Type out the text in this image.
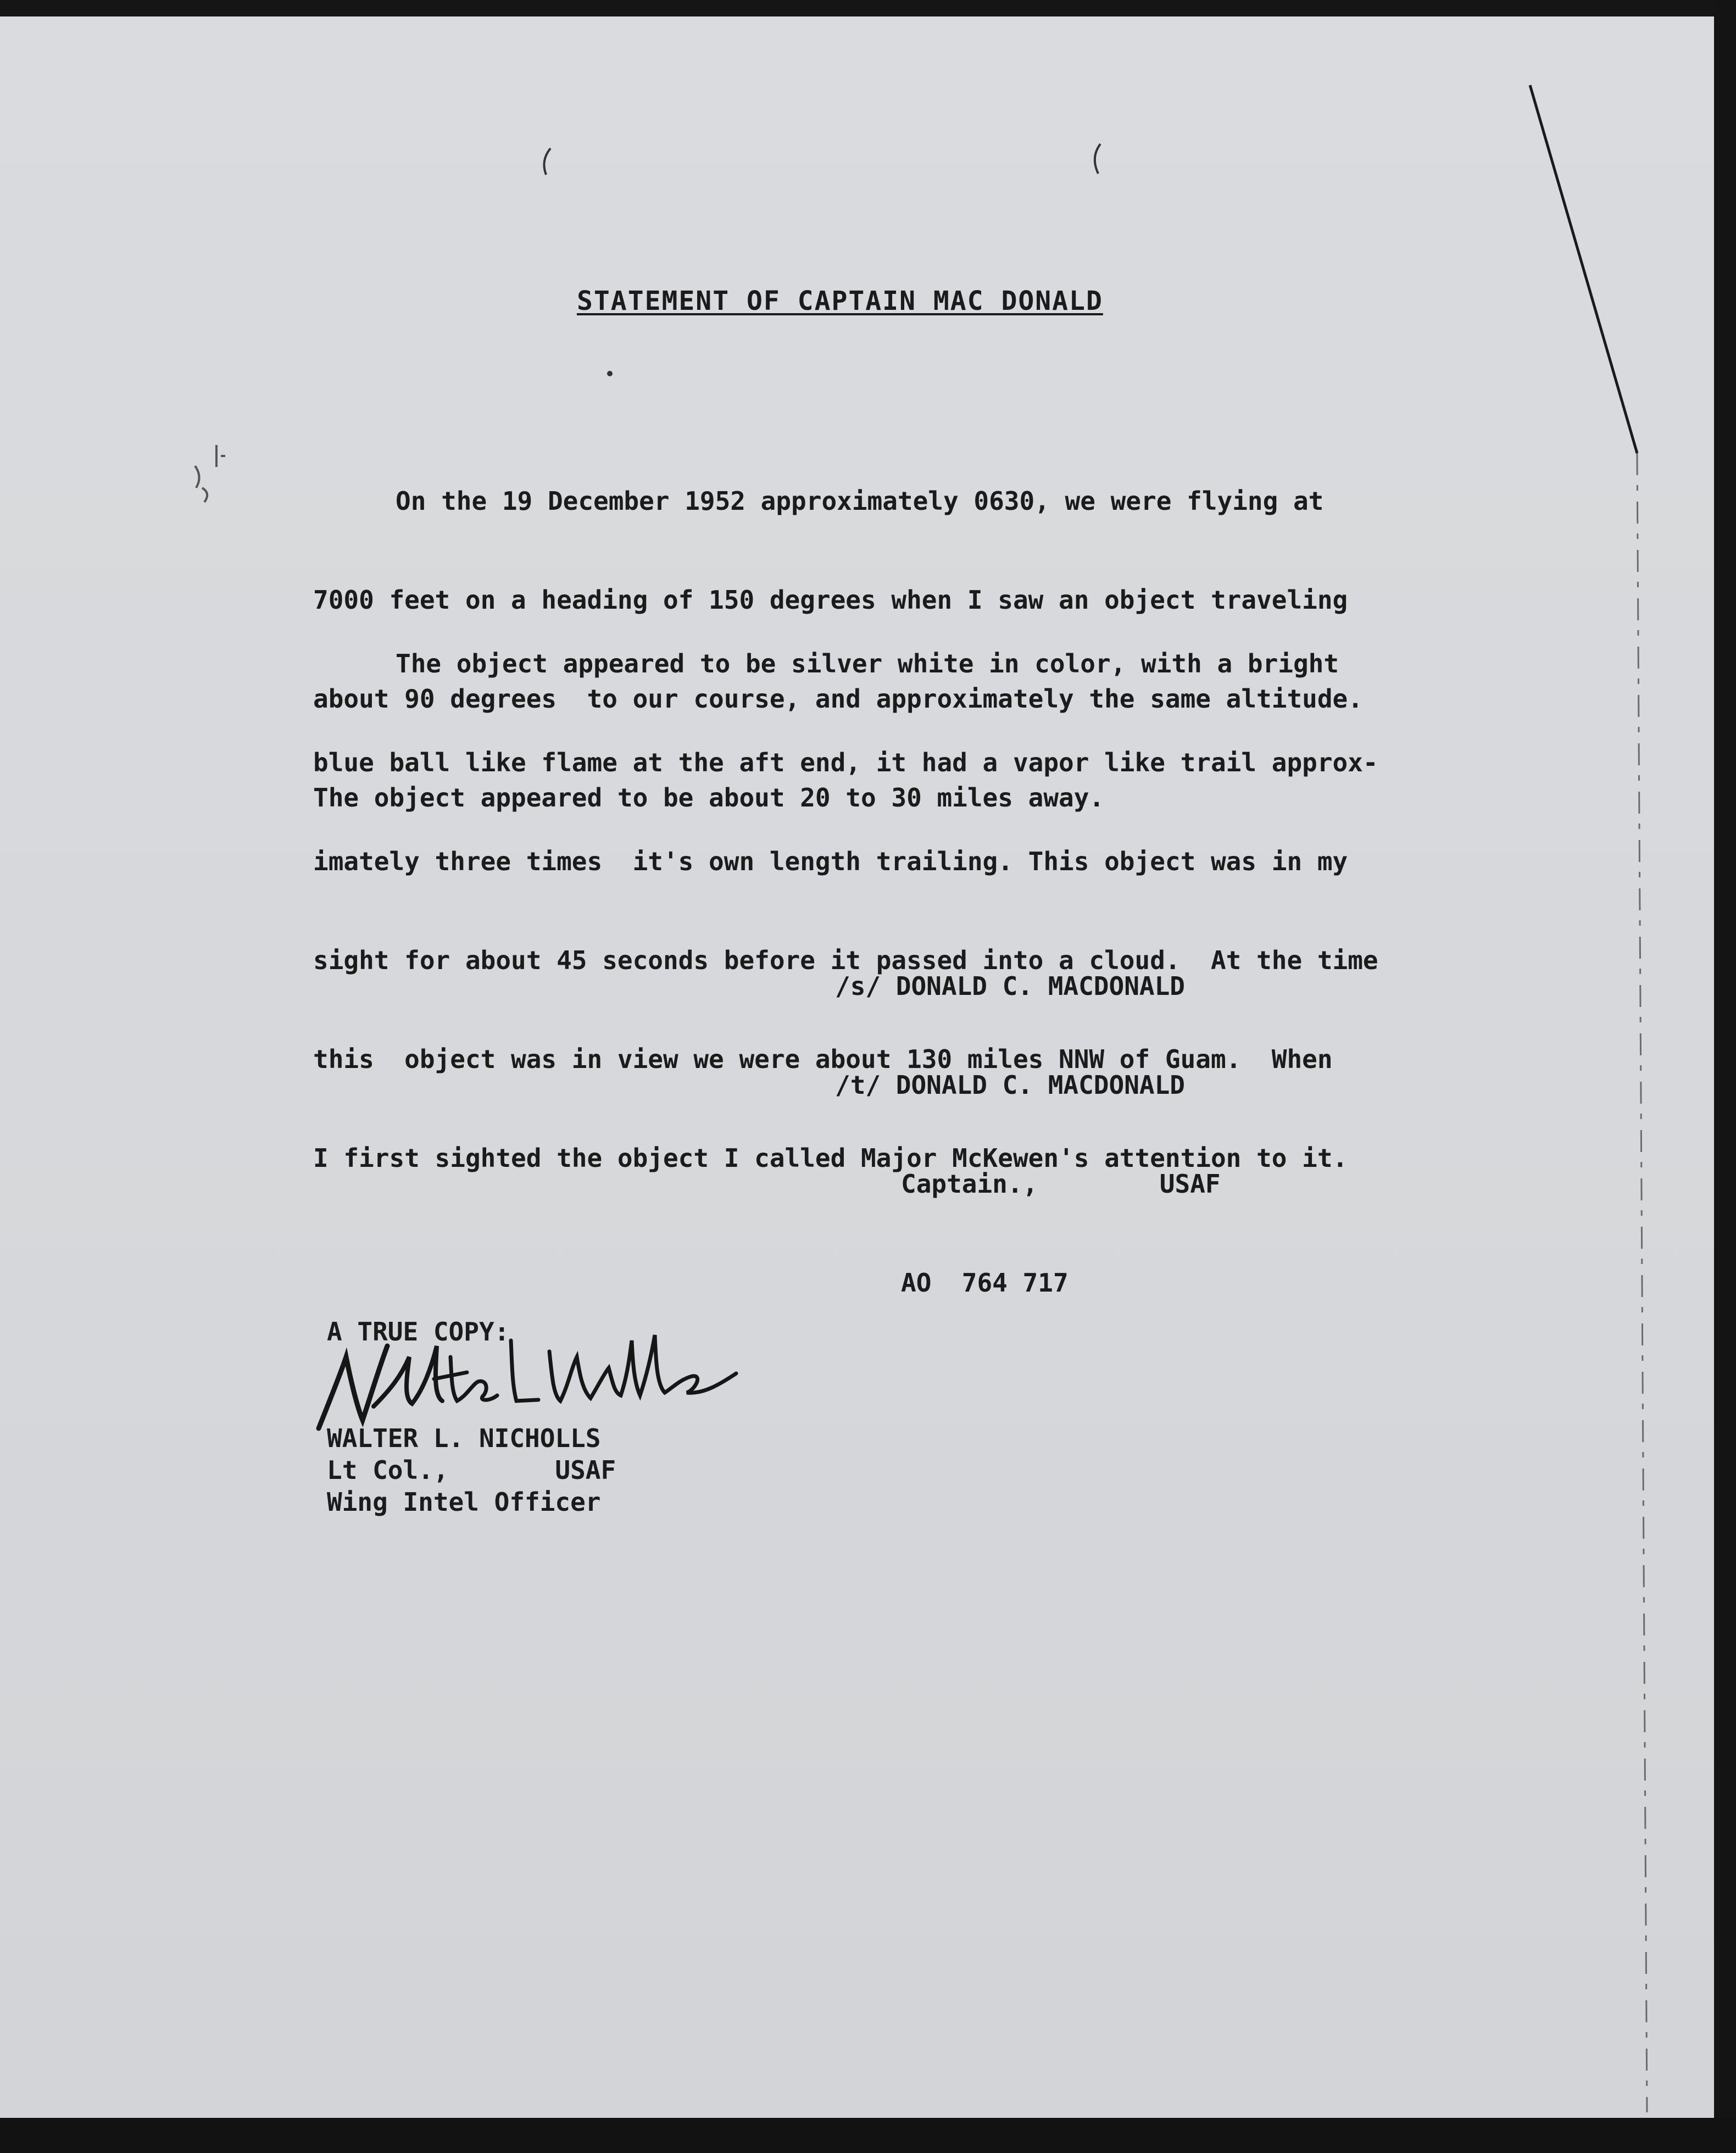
STATEMENT OF CAPTAIN MAC DONALD

On the 19 December 1952 approximately 0630, we were flying at

7000 feet on a heading of 150 degrees when I saw an object traveling

about 90 degrees  to our course, and approximately the same altitude.

The object appeared to be about 20 to 30 miles away.

The object appeared to be silver white in color, with a bright

blue ball like flame at the aft end, it had a vapor like trail approx-

imately three times  it's own length trailing. This object was in my

sight for about 45 seconds before it passed into a cloud.  At the time

this  object was in view we were about 130 miles NNW of Guam.  When

I first sighted the object I called Major McKewen's attention to it.

/s/ DONALD C. MACDONALD

/t/ DONALD C. MACDONALD

Captain.,        USAF

AO  764 717

A TRUE COPY:
WALTER L. NICHOLLS
Lt Col.,       USAF
Wing Intel Officer
